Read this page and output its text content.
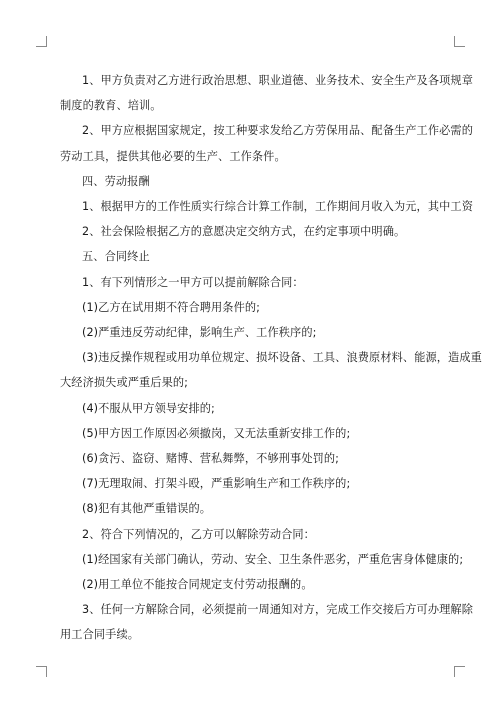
1、甲方负责对乙方进行政治思想、职业道德、业务技术、安全生产及各项规章

制度的教育、培训。

2、甲方应根据国家规定，按工种要求发给乙方劳保用品、配备生产工作必需的

劳动工具，提供其他必要的生产、工作条件。

四、劳动报酬

1、根据甲方的工作性质实行综合计算工作制，工作期间月收入为元，其中工资

2、社会保险根据乙方的意愿决定交纳方式，在约定事项中明确。

五、合同终止

1、有下列情形之一甲方可以提前解除合同：

(1)乙方在试用期不符合聘用条件的;

(2)严重违反劳动纪律，影响生产、工作秩序的;

(3)违反操作规程或用功单位规定、损坏设备、工具、浪费原材料、能源，造成重

大经济损失或严重后果的;

(4)不服从甲方领导安排的;

(5)甲方因工作原因必须撤岗，又无法重新安排工作的;

(6)贪污、盗窃、赌博、营私舞弊，不够刑事处罚的;

(7)无理取闹、打架斗殴，严重影响生产和工作秩序的;

(8)犯有其他严重错误的。

2、符合下列情况的，乙方可以解除劳动合同：

(1)经国家有关部门确认，劳动、安全、卫生条件恶劣，严重危害身体健康的;

(2)用工单位不能按合同规定支付劳动报酬的。

3、任何一方解除合同，必须提前一周通知对方，完成工作交接后方可办理解除

用工合同手续。
